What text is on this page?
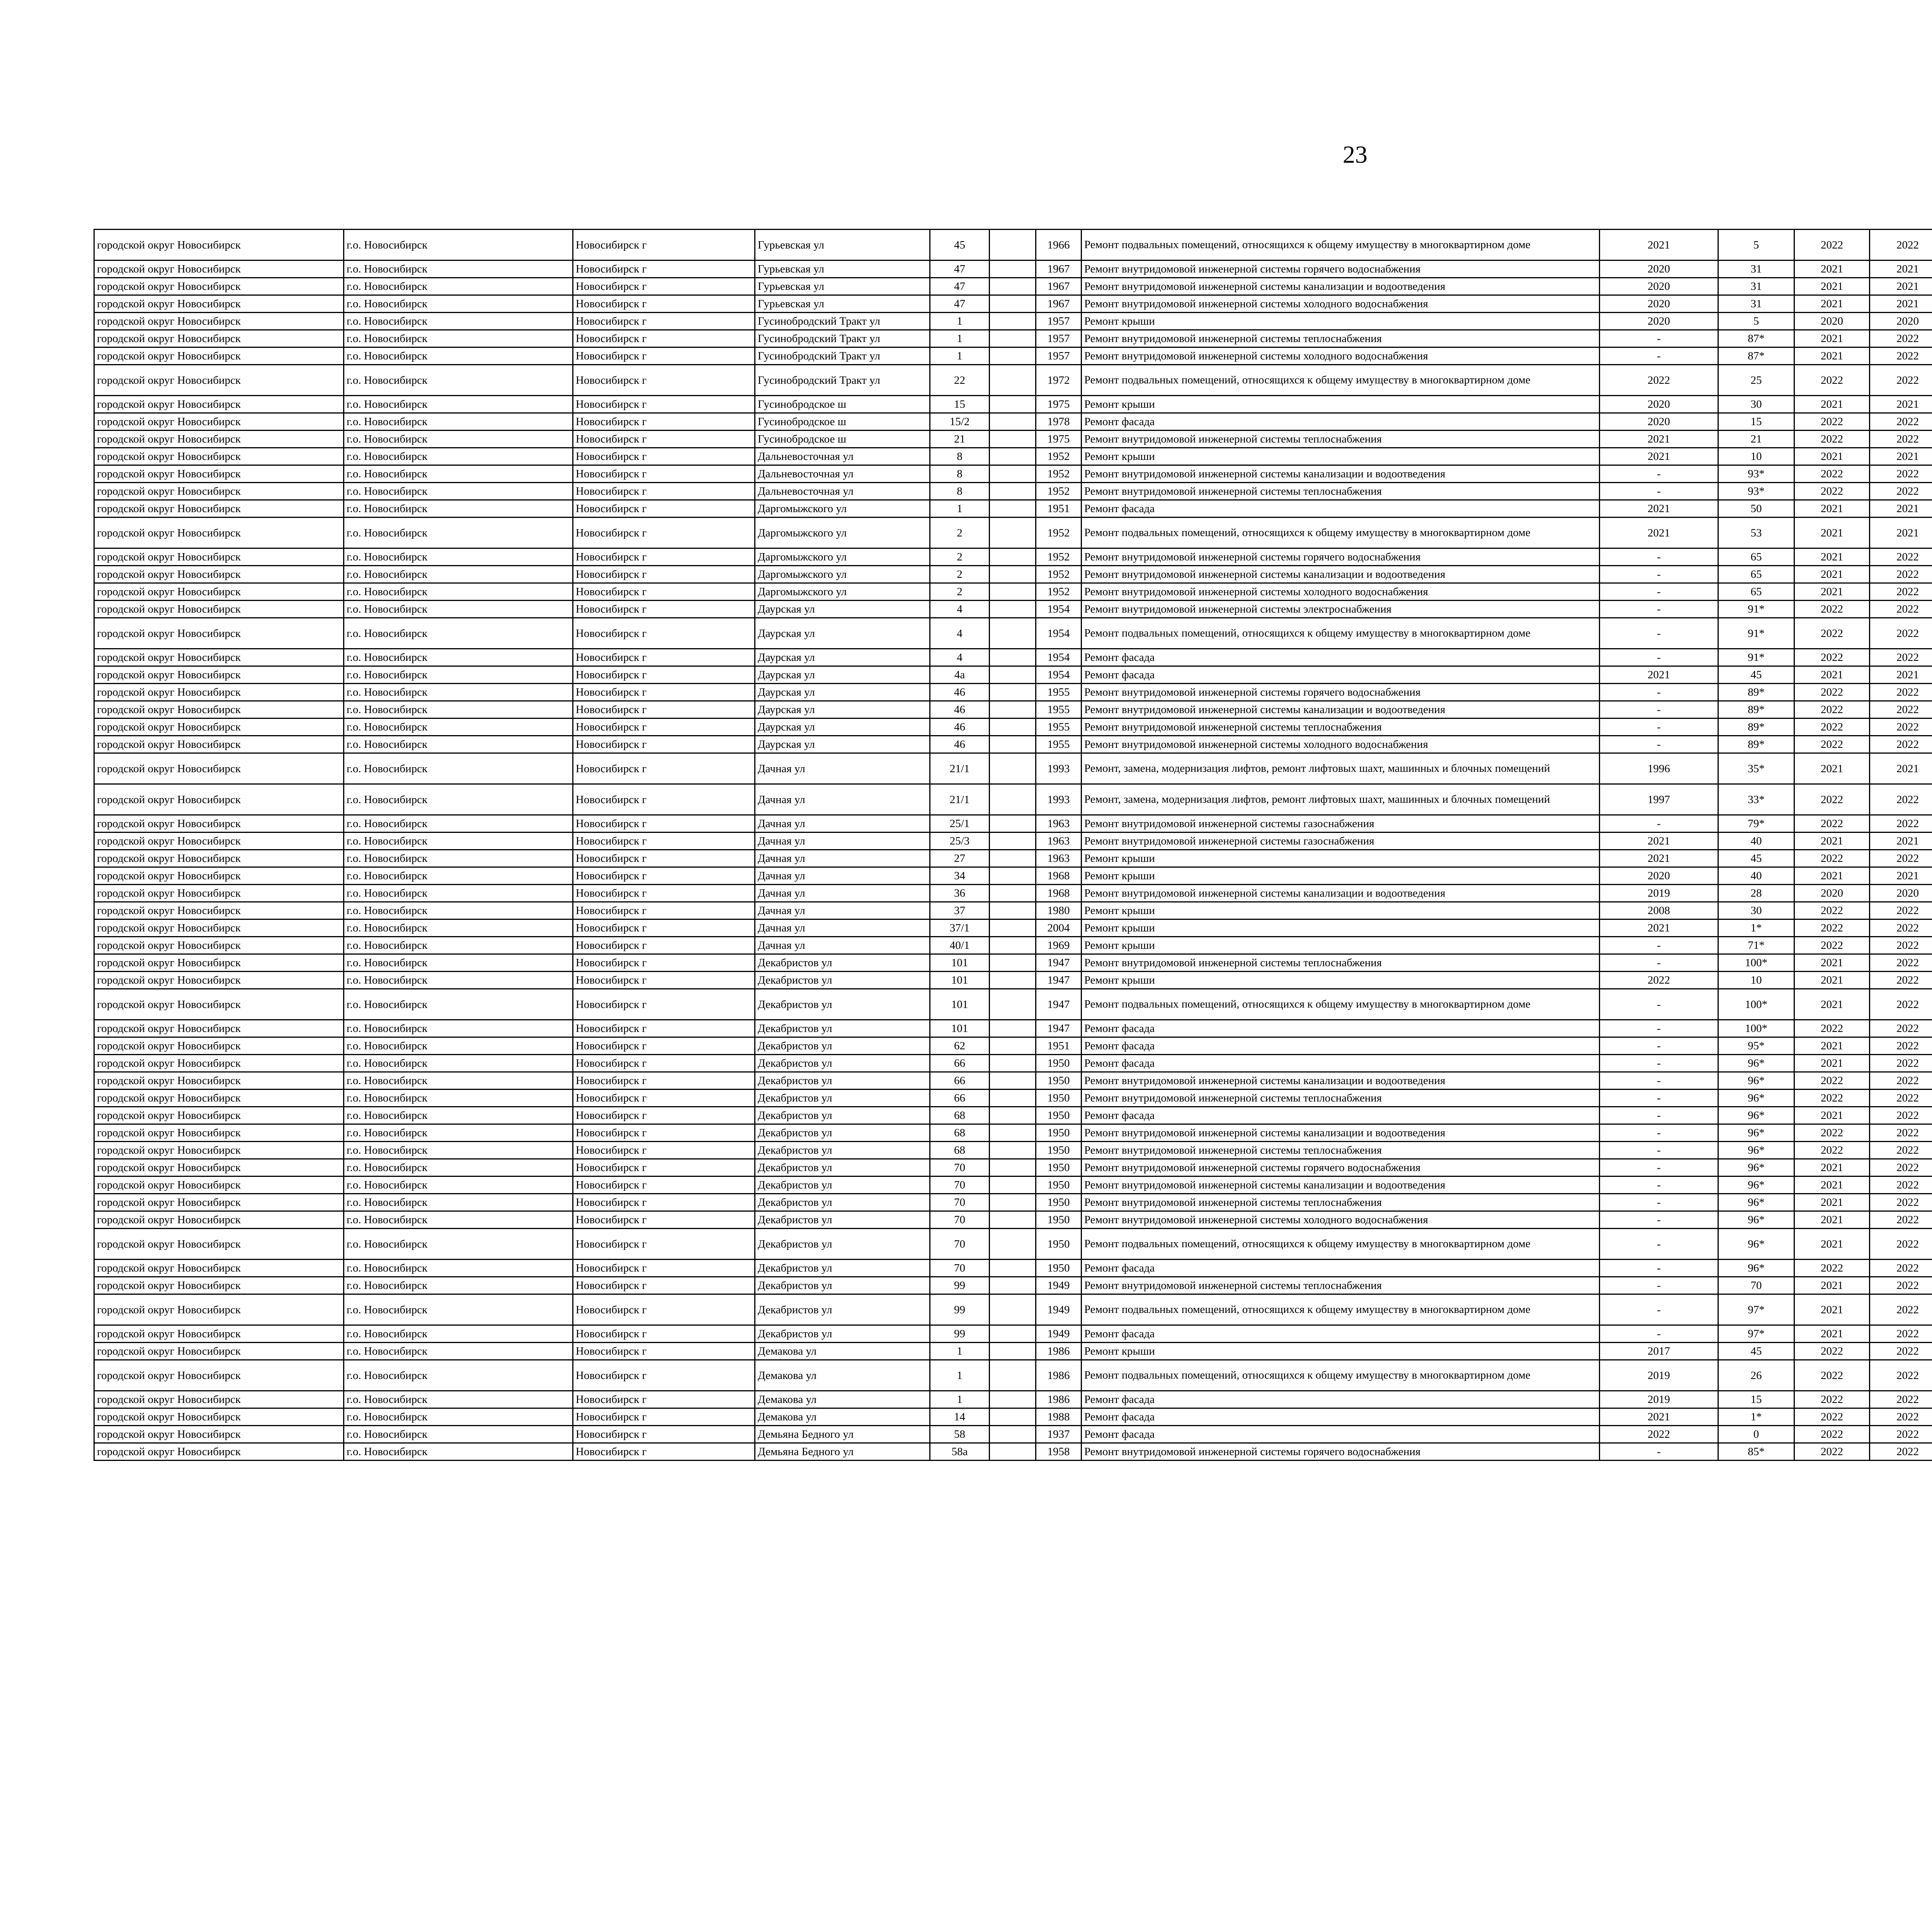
23
городской округ Новосибирск	г.о. Новосибирск	Новосибирск г	Гурьевская ул	45		1966	Ремонт подвальных помещений, относящихся к общему имуществу в многоквартирном доме	2021	5	2022	2022					
городской округ Новосибирск	г.о. Новосибирск	Новосибирск г	Гурьевская ул	47		1967	Ремонт внутридомовой инженерной системы горячего водоснабжения	2020	31	2021	2021					
городской округ Новосибирск	г.о. Новосибирск	Новосибирск г	Гурьевская ул	47		1967	Ремонт внутридомовой инженерной системы канализации и водоотведения	2020	31	2021	2021					
городской округ Новосибирск	г.о. Новосибирск	Новосибирск г	Гурьевская ул	47		1967	Ремонт внутридомовой инженерной системы холодного водоснабжения	2020	31	2021	2021					
городской округ Новосибирск	г.о. Новосибирск	Новосибирск г	Гусинобродский Тракт ул	1		1957	Ремонт крыши	2020	5	2020	2020					
городской округ Новосибирск	г.о. Новосибирск	Новосибирск г	Гусинобродский Тракт ул	1		1957	Ремонт внутридомовой инженерной системы теплоснабжения	-	87*	2021	2022					
городской округ Новосибирск	г.о. Новосибирск	Новосибирск г	Гусинобродский Тракт ул	1		1957	Ремонт внутридомовой инженерной системы холодного водоснабжения	-	87*	2021	2022					
городской округ Новосибирск	г.о. Новосибирск	Новосибирск г	Гусинобродский Тракт ул	22		1972	Ремонт подвальных помещений, относящихся к общему имуществу в многоквартирном доме	2022	25	2022	2022					
городской округ Новосибирск	г.о. Новосибирск	Новосибирск г	Гусинобродское ш	15		1975	Ремонт крыши	2020	30	2021	2021					
городской округ Новосибирск	г.о. Новосибирск	Новосибирск г	Гусинобродское ш	15/2		1978	Ремонт фасада	2020	15	2022	2022					
городской округ Новосибирск	г.о. Новосибирск	Новосибирск г	Гусинобродское ш	21		1975	Ремонт внутридомовой инженерной системы теплоснабжения	2021	21	2022	2022					
городской округ Новосибирск	г.о. Новосибирск	Новосибирск г	Дальневосточная ул	8		1952	Ремонт крыши	2021	10	2021	2021					
городской округ Новосибирск	г.о. Новосибирск	Новосибирск г	Дальневосточная ул	8		1952	Ремонт внутридомовой инженерной системы канализации и водоотведения	-	93*	2022	2022					
городской округ Новосибирск	г.о. Новосибирск	Новосибирск г	Дальневосточная ул	8		1952	Ремонт внутридомовой инженерной системы теплоснабжения	-	93*	2022	2022					
городской округ Новосибирск	г.о. Новосибирск	Новосибирск г	Даргомыжского ул	1		1951	Ремонт фасада	2021	50	2021	2021					
городской округ Новосибирск	г.о. Новосибирск	Новосибирск г	Даргомыжского ул	2		1952	Ремонт подвальных помещений, относящихся к общему имуществу в многоквартирном доме	2021	53	2021	2021					
городской округ Новосибирск	г.о. Новосибирск	Новосибирск г	Даргомыжского ул	2		1952	Ремонт внутридомовой инженерной системы горячего водоснабжения	-	65	2021	2022					
городской округ Новосибирск	г.о. Новосибирск	Новосибирск г	Даргомыжского ул	2		1952	Ремонт внутридомовой инженерной системы канализации и водоотведения	-	65	2021	2022					
городской округ Новосибирск	г.о. Новосибирск	Новосибирск г	Даргомыжского ул	2		1952	Ремонт внутридомовой инженерной системы холодного водоснабжения	-	65	2021	2022					
городской округ Новосибирск	г.о. Новосибирск	Новосибирск г	Даурская ул	4		1954	Ремонт внутридомовой инженерной системы электроснабжения	-	91*	2022	2022					
городской округ Новосибирск	г.о. Новосибирск	Новосибирск г	Даурская ул	4		1954	Ремонт подвальных помещений, относящихся к общему имуществу в многоквартирном доме	-	91*	2022	2022					
городской округ Новосибирск	г.о. Новосибирск	Новосибирск г	Даурская ул	4		1954	Ремонт фасада	-	91*	2022	2022					
городской округ Новосибирск	г.о. Новосибирск	Новосибирск г	Даурская ул	4а		1954	Ремонт фасада	2021	45	2021	2021					
городской округ Новосибирск	г.о. Новосибирск	Новосибирск г	Даурская ул	46		1955	Ремонт внутридомовой инженерной системы горячего водоснабжения	-	89*	2022	2022					
городской округ Новосибирск	г.о. Новосибирск	Новосибирск г	Даурская ул	46		1955	Ремонт внутридомовой инженерной системы канализации и водоотведения	-	89*	2022	2022					
городской округ Новосибирск	г.о. Новосибирск	Новосибирск г	Даурская ул	46		1955	Ремонт внутридомовой инженерной системы теплоснабжения	-	89*	2022	2022					
городской округ Новосибирск	г.о. Новосибирск	Новосибирск г	Даурская ул	46		1955	Ремонт внутридомовой инженерной системы холодного водоснабжения	-	89*	2022	2022					
городской округ Новосибирск	г.о. Новосибирск	Новосибирск г	Дачная ул	21/1		1993	Ремонт, замена, модернизация лифтов, ремонт лифтовых шахт, машинных и блочных помещений	1996	35*	2021	2021					
городской округ Новосибирск	г.о. Новосибирск	Новосибирск г	Дачная ул	21/1		1993	Ремонт, замена, модернизация лифтов, ремонт лифтовых шахт, машинных и блочных помещений	1997	33*	2022	2022					
городской округ Новосибирск	г.о. Новосибирск	Новосибирск г	Дачная ул	25/1		1963	Ремонт внутридомовой инженерной системы газоснабжения	-	79*	2022	2022					
городской округ Новосибирск	г.о. Новосибирск	Новосибирск г	Дачная ул	25/3		1963	Ремонт внутридомовой инженерной системы газоснабжения	2021	40	2021	2021					
городской округ Новосибирск	г.о. Новосибирск	Новосибирск г	Дачная ул	27		1963	Ремонт крыши	2021	45	2022	2022					
городской округ Новосибирск	г.о. Новосибирск	Новосибирск г	Дачная ул	34		1968	Ремонт крыши	2020	40	2021	2021					
городской округ Новосибирск	г.о. Новосибирск	Новосибирск г	Дачная ул	36		1968	Ремонт внутридомовой инженерной системы канализации и водоотведения	2019	28	2020	2020					
городской округ Новосибирск	г.о. Новосибирск	Новосибирск г	Дачная ул	37		1980	Ремонт крыши	2008	30	2022	2022					
городской округ Новосибирск	г.о. Новосибирск	Новосибирск г	Дачная ул	37/1		2004	Ремонт крыши	2021	1*	2022	2022					
городской округ Новосибирск	г.о. Новосибирск	Новосибирск г	Дачная ул	40/1		1969	Ремонт крыши	-	71*	2022	2022					
городской округ Новосибирск	г.о. Новосибирск	Новосибирск г	Декабристов ул	101		1947	Ремонт внутридомовой инженерной системы теплоснабжения	-	100*	2021	2022					
городской округ Новосибирск	г.о. Новосибирск	Новосибирск г	Декабристов ул	101		1947	Ремонт крыши	2022	10	2021	2022					
городской округ Новосибирск	г.о. Новосибирск	Новосибирск г	Декабристов ул	101		1947	Ремонт подвальных помещений, относящихся к общему имуществу в многоквартирном доме	-	100*	2021	2022					
городской округ Новосибирск	г.о. Новосибирск	Новосибирск г	Декабристов ул	101		1947	Ремонт фасада	-	100*	2022	2022					
городской округ Новосибирск	г.о. Новосибирск	Новосибирск г	Декабристов ул	62		1951	Ремонт фасада	-	95*	2021	2022					
городской округ Новосибирск	г.о. Новосибирск	Новосибирск г	Декабристов ул	66		1950	Ремонт фасада	-	96*	2021	2022					
городской округ Новосибирск	г.о. Новосибирск	Новосибирск г	Декабристов ул	66		1950	Ремонт внутридомовой инженерной системы канализации и водоотведения	-	96*	2022	2022					
городской округ Новосибирск	г.о. Новосибирск	Новосибирск г	Декабристов ул	66		1950	Ремонт внутридомовой инженерной системы теплоснабжения	-	96*	2022	2022					
городской округ Новосибирск	г.о. Новосибирск	Новосибирск г	Декабристов ул	68		1950	Ремонт фасада	-	96*	2021	2022					
городской округ Новосибирск	г.о. Новосибирск	Новосибирск г	Декабристов ул	68		1950	Ремонт внутридомовой инженерной системы канализации и водоотведения	-	96*	2022	2022					
городской округ Новосибирск	г.о. Новосибирск	Новосибирск г	Декабристов ул	68		1950	Ремонт внутридомовой инженерной системы теплоснабжения	-	96*	2022	2022					
городской округ Новосибирск	г.о. Новосибирск	Новосибирск г	Декабристов ул	70		1950	Ремонт внутридомовой инженерной системы горячего водоснабжения	-	96*	2021	2022					
городской округ Новосибирск	г.о. Новосибирск	Новосибирск г	Декабристов ул	70		1950	Ремонт внутридомовой инженерной системы канализации и водоотведения	-	96*	2021	2022					
городской округ Новосибирск	г.о. Новосибирск	Новосибирск г	Декабристов ул	70		1950	Ремонт внутридомовой инженерной системы теплоснабжения	-	96*	2021	2022					
городской округ Новосибирск	г.о. Новосибирск	Новосибирск г	Декабристов ул	70		1950	Ремонт внутридомовой инженерной системы холодного водоснабжения	-	96*	2021	2022					
городской округ Новосибирск	г.о. Новосибирск	Новосибирск г	Декабристов ул	70		1950	Ремонт подвальных помещений, относящихся к общему имуществу в многоквартирном доме	-	96*	2021	2022					
городской округ Новосибирск	г.о. Новосибирск	Новосибирск г	Декабристов ул	70		1950	Ремонт фасада	-	96*	2022	2022					
городской округ Новосибирск	г.о. Новосибирск	Новосибирск г	Декабристов ул	99		1949	Ремонт внутридомовой инженерной системы теплоснабжения	-	70	2021	2022					
городской округ Новосибирск	г.о. Новосибирск	Новосибирск г	Декабристов ул	99		1949	Ремонт подвальных помещений, относящихся к общему имуществу в многоквартирном доме	-	97*	2021	2022					
городской округ Новосибирск	г.о. Новосибирск	Новосибирск г	Декабристов ул	99		1949	Ремонт фасада	-	97*	2021	2022					
городской округ Новосибирск	г.о. Новосибирск	Новосибирск г	Демакова ул	1		1986	Ремонт крыши	2017	45	2022	2022					
городской округ Новосибирск	г.о. Новосибирск	Новосибирск г	Демакова ул	1		1986	Ремонт подвальных помещений, относящихся к общему имуществу в многоквартирном доме	2019	26	2022	2022					
городской округ Новосибирск	г.о. Новосибирск	Новосибирск г	Демакова ул	1		1986	Ремонт фасада	2019	15	2022	2022					
городской округ Новосибирск	г.о. Новосибирск	Новосибирск г	Демакова ул	14		1988	Ремонт фасада	2021	1*	2022	2022					
городской округ Новосибирск	г.о. Новосибирск	Новосибирск г	Демьяна Бедного ул	58		1937	Ремонт фасада	2022	0	2022	2022					
городской округ Новосибирск	г.о. Новосибирск	Новосибирск г	Демьяна Бедного ул	58а		1958	Ремонт внутридомовой инженерной системы горячего водоснабжения	-	85*	2022	2022					
